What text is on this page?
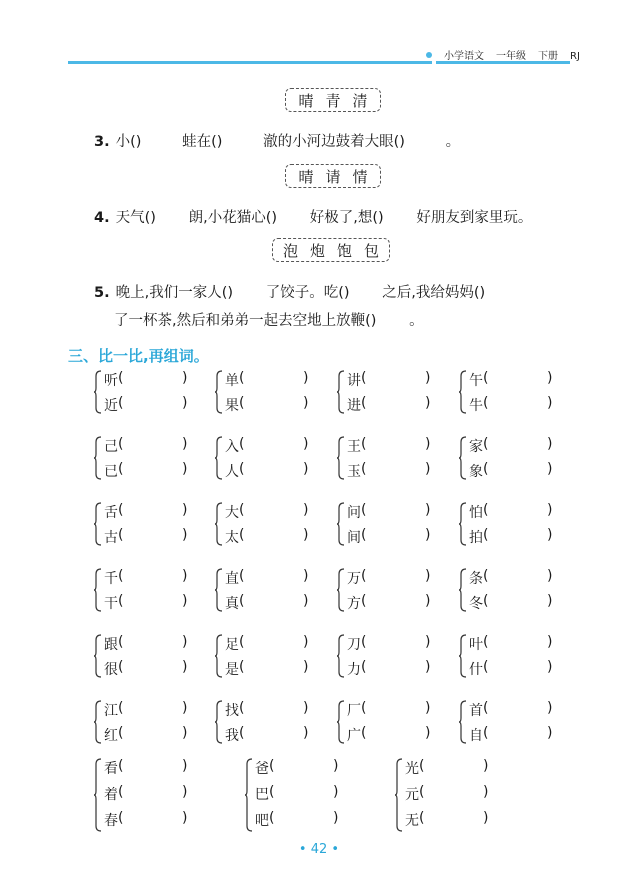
小学语文 一年级 下册 RJ
晴 青 清
3. 小 ( )	蛙在 ( )	澈的小河边鼓着大眼 ( )	。
晴 请 情
4. 天气 ( )	朗,小花猫心 ( )	好极了,想 ( )	好朋友到家里玩。
泡 炮 饱 包
5. 晚上,我们一家人 ( )	了饺子。吃 ( )	之后,我给妈妈( )
了一杯茶,然后和弟弟一起去空地上放鞭 ( )	。
三、比一比,再组词。
听 (	)
近 (	)
单 (	)
果 (	)
讲 (	)
进 (	)
午 (	)
牛 (	)
己 (	)
已 (	)
入 (	)
人 (	)
王 (	)
玉 (	)
家 (	)
象 (	)
舌 (	)
古 (	)
大 (	)
太 (	)
问 (	)
间 (	)
怕 (	)
拍 (	)
千 (	)
干 (	)
直 (	)
真 (	)
万 (	)
方 (	)
条 (	)
冬 (	)
跟 (	)
很 (	)
足 (	)
是 (	)
刀 (	)
力 (	)
叶 (	)
什 (	)
江 (	)
红 (	)
找 (	)
我 (	)
厂 (	)
广 (	)
首 (	)
自 (	)
看 (	)
着 (	)
春 (	)
爸 (	)
巴 (	)
吧 (	)
光 (	)
元 (	)
无 (	)
• 42 •
